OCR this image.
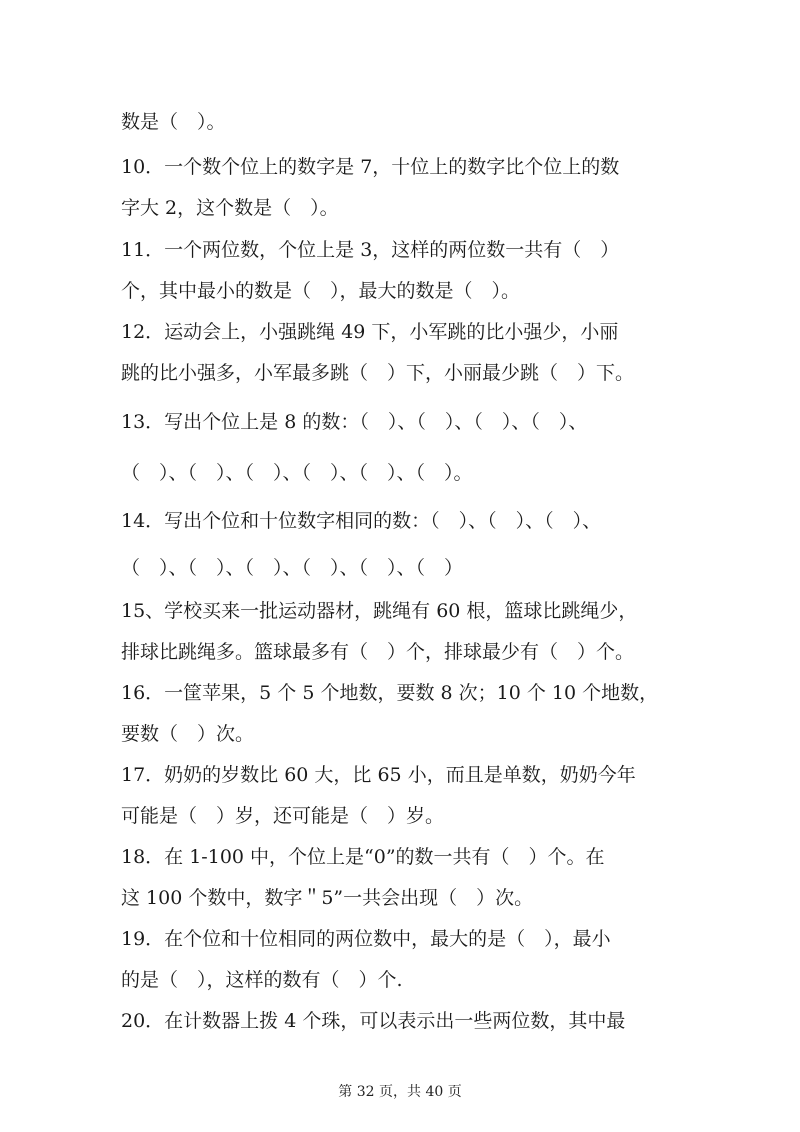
数是（　）。
10．一个数个位上的数字是 7，十位上的数字比个位上的数
字大 2，这个数是（　）。
11．一个两位数，个位上是 3，这样的两位数一共有（　）
个，其中最小的数是（　），最大的数是（　）。
12．运动会上，小强跳绳 49 下，小军跳的比小强少，小丽
跳的比小强多，小军最多跳（　）下，小丽最少跳（　）下。
13．写出个位上是 8 的数：（　）、（　）、（　）、（　）、
（　）、（　）、（　）、（　）、（　）、（　）。
14．写出个位和十位数字相同的数：（　）、（　）、（　）、
（　）、（　）、（　）、（　）、（　）、（　）
15、学校买来一批运动器材，跳绳有 60 根，篮球比跳绳少，
排球比跳绳多。篮球最多有（　）个，排球最少有（　）个。
16．一筐苹果，5 个 5 个地数，要数 8 次；10 个 10 个地数，
要数（　）次。
17．奶奶的岁数比 60 大，比 65 小，而且是单数，奶奶今年
可能是（　）岁，还可能是（　）岁。
18．在 1-100 中，个位上是“0”的数一共有（　）个。在
这 100 个数中，数字＂5”一共会出现（　）次。
19．在个位和十位相同的两位数中，最大的是（　），最小
的是（　），这样的数有（　）个.
20．在计数器上拨 4 个珠，可以表示出一些两位数，其中最
第 32 页，共 40 页
